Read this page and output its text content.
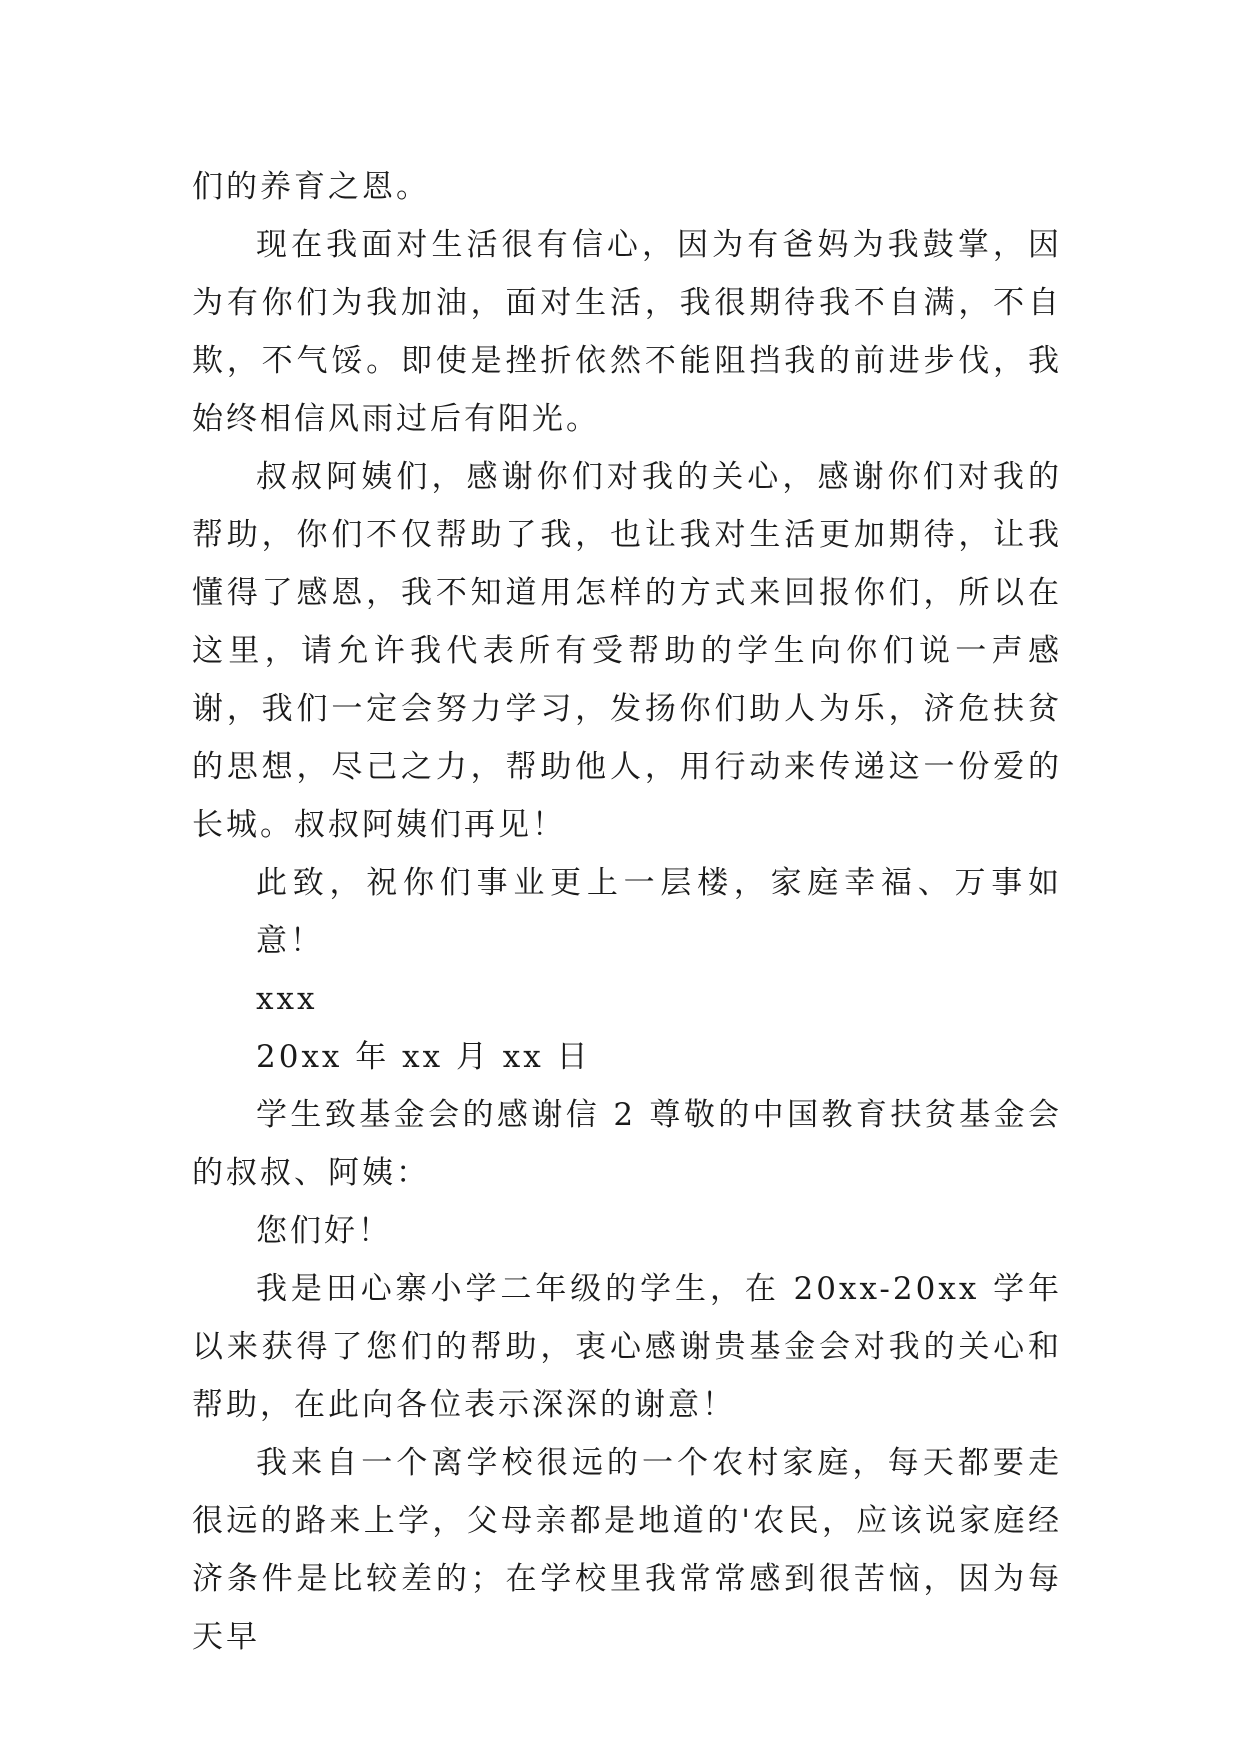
们的养育之恩。

现在我面对生活很有信心，因为有爸妈为我鼓掌，因为有你们为我加油，面对生活，我很期待我不自满，不自欺，不气馁。即使是挫折依然不能阻挡我的前进步伐，我始终相信风雨过后有阳光。

叔叔阿姨们，感谢你们对我的关心，感谢你们对我的帮助，你们不仅帮助了我，也让我对生活更加期待，让我懂得了感恩，我不知道用怎样的方式来回报你们，所以在这里，请允许我代表所有受帮助的学生向你们说一声感谢，我们一定会努力学习，发扬你们助人为乐，济危扶贫的思想，尽己之力，帮助他人，用行动来传递这一份爱的长城。叔叔阿姨们再见！

此致，祝你们事业更上一层楼，家庭幸福、万事如意！

xxx

20xx 年 xx 月 xx 日

学生致基金会的感谢信 2 尊敬的中国教育扶贫基金会的叔叔、阿姨：

您们好！

我是田心寨小学二年级的学生，在 20xx-20xx 学年以来获得了您们的帮助，衷心感谢贵基金会对我的关心和帮助，在此向各位表示深深的谢意！

我来自一个离学校很远的一个农村家庭，每天都要走很远的路来上学，父母亲都是地道的'农民，应该说家庭经济条件是比较差的；在学校里我常常感到很苦恼，因为每天早
